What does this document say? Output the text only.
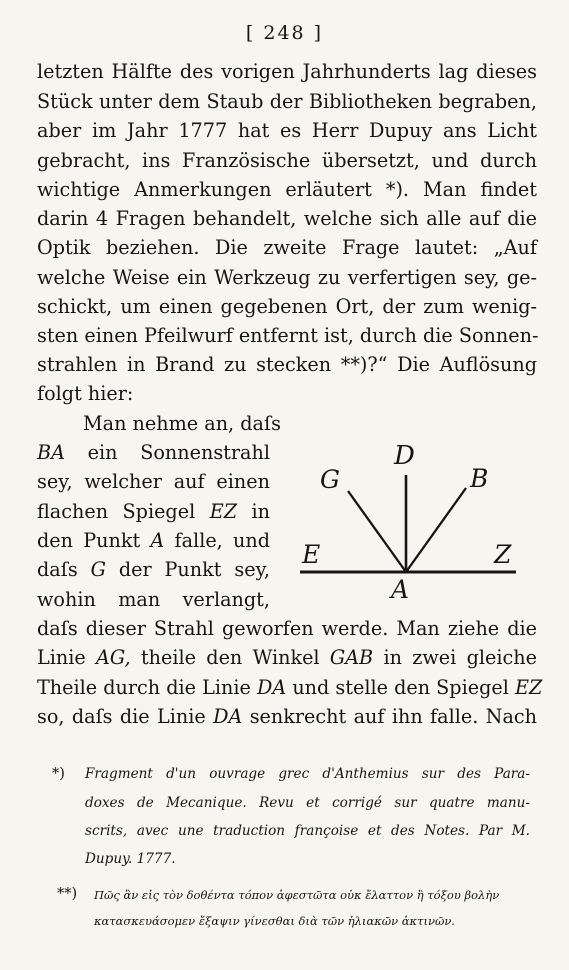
[ 248 ]
letzten Hälfte des vorigen Jahrhunderts lag dieses
Stück unter dem Staub der Bibliotheken begraben,
aber im Jahr 1777 hat es Herr Dupuy ans Licht
gebracht, ins Französische übersetzt, und durch
wichtige Anmerkungen erläutert *). Man findet
darin 4 Fragen behandelt, welche sich alle auf die
Optik beziehen. Die zweite Frage lautet: „Auf
welche Weise ein Werkzeug zu verfertigen sey, ge-
schickt, um einen gegebenen Ort, der zum wenig-
sten einen Pfeilwurf entfernt ist, durch die Sonnen-
strahlen in Brand zu stecken **)?“ Die Auflösung
folgt hier:
Man nehme an, daſs
BA ein Sonnenstrahl
sey, welcher auf einen
flachen Spiegel EZ in
den Punkt A falle, und
daſs G der Punkt sey,
wohin man verlangt,
daſs dieser Strahl geworfen werde. Man ziehe die
Linie AG, theile den Winkel GAB in zwei gleiche
Theile durch die Linie DA und stelle den Spiegel EZ
so, daſs die Linie DA senkrecht auf ihn falle. Nach
D
G	B
E	Z
A
*) Fragment d'un ouvrage grec d'Anthemius sur des Para-
doxes de Mecanique. Revu et corrigé sur quatre manu-
scrits, avec une traduction françoise et des Notes. Par M.
Dupuy. 1777.
**) Πῶς ἂν εἰς τὸν δοθέντα τόπον ἀφεστῶτα οὐκ ἔλαττον ἢ τόξου βολὴν
κατασκευάσομεν ἔξαψιν γίνεσθαι διὰ τῶν ἡλιακῶν ἀκτινῶν.
